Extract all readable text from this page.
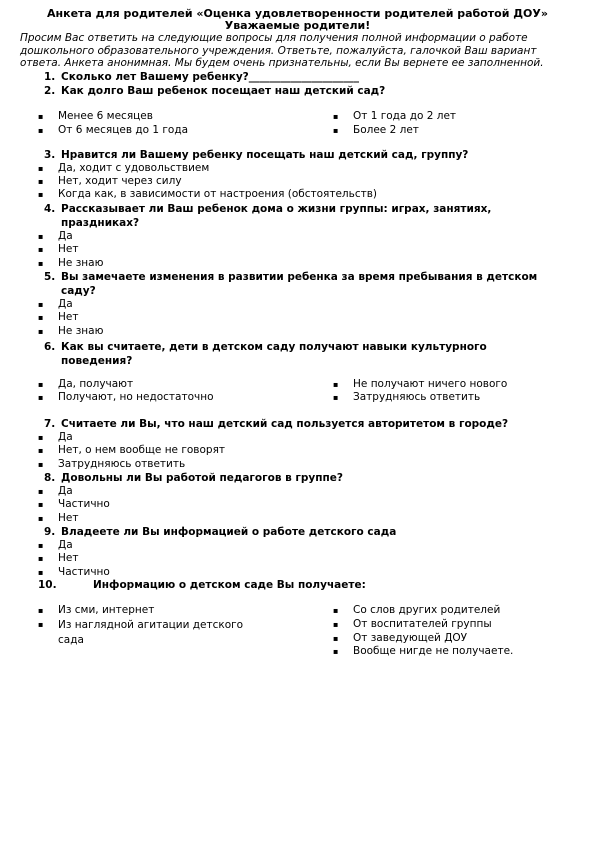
Анкета для родителей «Оценка удовлетворенности родителей работой ДОУ»
Уважаемые родители!
Просим Вас ответить на следующие вопросы для получения полной информации о работе
дошкольного образовательного учреждения. Ответьте, пожалуйста, галочкой Ваш вариант
ответа. Анкета анонимная. Мы будем очень признательны, если Вы вернете ее заполненной.
1. Сколько лет Вашему ребенку?_____________________
2. Как долго Ваш ребенок посещает наш детский сад?
▪ Менее 6 месяцев
▪ От 6 месяцев до 1 года
▪ От 1 года до 2 лет
▪ Более 2 лет
3. Нравится ли Вашему ребенку посещать наш детский сад, группу?
▪ Да, ходит с удовольствием
▪ Нет, ходит через силу
▪ Когда как, в зависимости от настроения (обстоятельств)
4. Рассказывает ли Ваш ребенок дома о жизни группы: играх, занятиях,
праздниках?
▪ Да
▪ Нет
▪ Не знаю
5. Вы замечаете изменения в развитии ребенка за время пребывания в детском
саду?
▪ Да
▪ Нет
▪ Не знаю
6. Как вы считаете, дети в детском саду получают навыки культурного
поведения?
▪ Да, получают
▪ Получают, но недостаточно
▪ Не получают ничего нового
▪ Затрудняюсь ответить
7. Считаете ли Вы, что наш детский сад пользуется авторитетом в городе?
▪ Да
▪ Нет, о нем вообще не говорят
▪ Затрудняюсь ответить
8. Довольны ли Вы работой педагогов в группе?
▪ Да
▪ Частично
▪ Нет
9. Владеете ли Вы информацией о работе детского сада
▪ Да
▪ Нет
▪ Частично
10.	Информацию о детском саде Вы получаете:
▪ Из сми, интернет
▪ Из наглядной агитации детского сада
▪ Со слов других родителей
▪ От воспитателей группы
▪ От заведующей ДОУ
▪ Вообще нигде не получаете.
